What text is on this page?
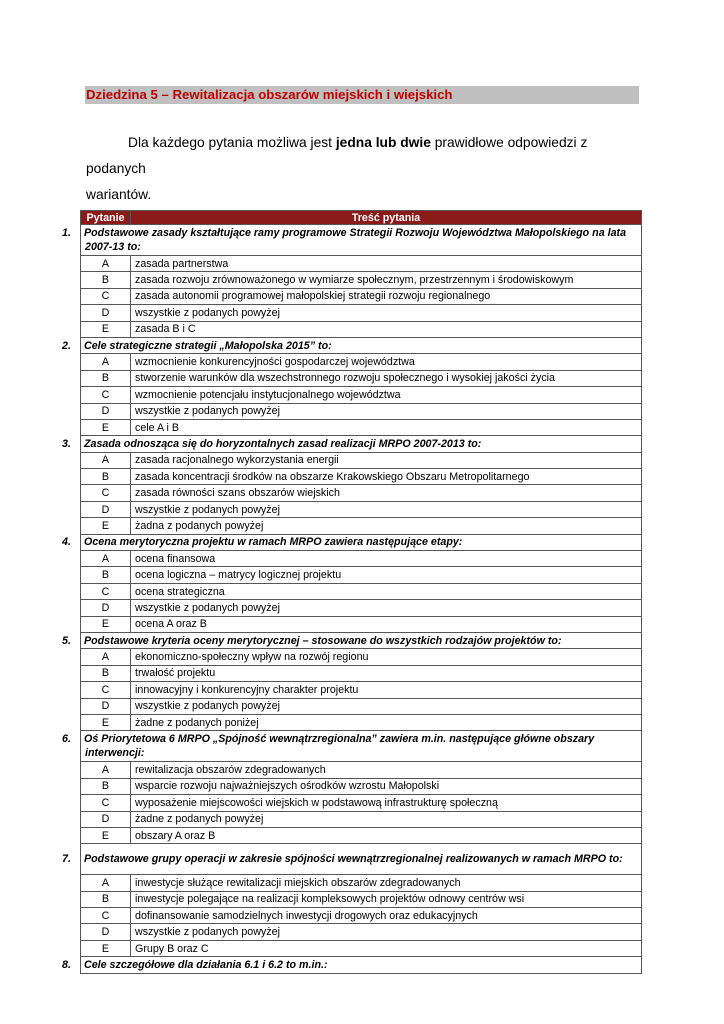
Dziedzina 5 – Rewitalizacja obszarów miejskich i wiejskich
Dla każdego pytania możliwa jest jedna lub dwie prawidłowe odpowiedzi z podanych
wariantów.
Pytanie	Treść pytania
1. Podstawowe zasady kształtujące ramy programowe Strategii Rozwoju Województwa Małopolskiego na lata 2007-13 to:	
A	zasada partnerstwa
B	zasada rozwoju zrównoważonego w wymiarze społecznym, przestrzennym i środowiskowym
C	zasada autonomii programowej małopolskiej strategii rozwoju regionalnego
D	wszystkie z podanych powyżej
E	zasada B i C
2. Cele strategiczne strategii „Małopolska 2015” to:	
A	wzmocnienie konkurencyjności gospodarczej województwa
B	stworzenie warunków dla wszechstronnego rozwoju społecznego i wysokiej jakości życia
C	wzmocnienie potencjału instytucjonalnego województwa
D	wszystkie z podanych powyżej
E	cele A i B
3. Zasada odnosząca się do horyzontalnych zasad realizacji MRPO 2007-2013 to:	
A	zasada racjonalnego wykorzystania energii
B	zasada koncentracji środków na obszarze Krakowskiego Obszaru Metropolitarnego
C	zasada równości szans obszarów wiejskich
D	wszystkie z podanych powyżej
E	żadna z podanych powyżej
4. Ocena merytoryczna projektu w ramach MRPO zawiera następujące etapy:	
A	ocena finansowa
B	ocena logiczna – matrycy logicznej projektu
C	ocena strategiczna
D	wszystkie z podanych powyżej
E	ocena A oraz B
5. Podstawowe kryteria oceny merytorycznej – stosowane do wszystkich rodzajów projektów to:	
A	ekonomiczno-społeczny wpływ na rozwój regionu
B	trwałość projektu
C	innowacyjny i konkurencyjny charakter projektu
D	wszystkie z podanych powyżej
E	żadne z podanych poniżej
6. Oś Priorytetowa 6 MRPO „Spójność wewnątrzregionalna” zawiera m.in. następujące główne obszary interwencji:	
A	rewitalizacja obszarów zdegradowanych
B	wsparcie rozwoju najważniejszych ośrodków wzrostu Małopolski
C	wyposażenie miejscowości wiejskich w podstawową infrastrukturę społeczną
D	żadne z podanych powyżej
E	obszary A oraz B
7. Podstawowe grupy operacji w zakresie spójności wewnątrzregionalnej realizowanych w ramach MRPO to:	
A	inwestycje służące rewitalizacji miejskich obszarów zdegradowanych
B	inwestycje polegające na realizacji kompleksowych projektów odnowy centrów wsi
C	dofinansowanie samodzielnych inwestycji drogowych oraz edukacyjnych
D	wszystkie z podanych powyżej
E	Grupy B oraz C
8. Cele szczegółowe dla działania 6.1 i 6.2 to m.in.:	
